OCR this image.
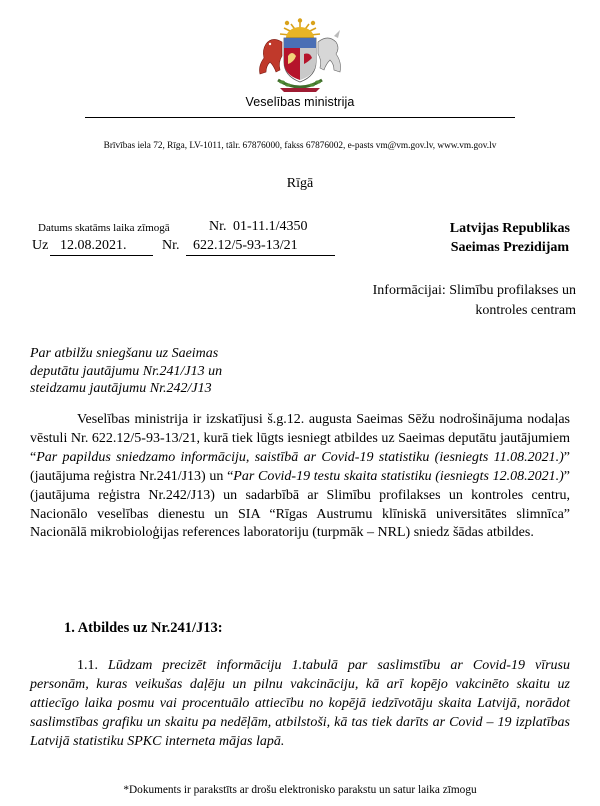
Veselības ministrija
Brīvības iela 72, Rīga, LV-1011, tālr. 67876000, fakss 67876002, e-pasts vm@vm.gov.lv, www.vm.gov.lv
Rīgā
Datums skatāms laika zīmogā	Nr. 01-11.1/4350
Uz 12.08.2021.	Nr. 622.12/5-93-13/21
Latvijas Republikas
Saeimas Prezidijam
Informācijai: Slimību profilakses un
kontroles centram
Par atbilžu sniegšanu uz Saeimas
deputātu jautājumu Nr.241/J13 un
steidzamu jautājumu Nr.242/J13
Veselības ministrija ir izskatījusi š.g.12. augusta Saeimas Sēžu nodrošinājuma nodaļas vēstuli Nr. 622.12/5-93-13/21, kurā tiek lūgts iesniegt atbildes uz Saeimas deputātu jautājumiem “Par papildus sniedzamo informāciju, saistībā ar Covid-19 statistiku (iesniegts 11.08.2021.)” (jautājuma reģistra Nr.241/J13) un “Par Covid-19 testu skaita statistiku (iesniegts 12.08.2021.)” (jautājuma reģistra Nr.242/J13) un sadarbībā ar Slimību profilakses un kontroles centru, Nacionālo veselības dienestu un SIA “Rīgas Austrumu klīniskā universitātes slimnīca” Nacionālā mikrobioloģijas references laboratoriju (turpmāk – NRL) sniedz šādas atbildes.
1. Atbildes uz Nr.241/J13:
1.1. Lūdzam precizēt informāciju 1.tabulā par saslimstību ar Covid-19 vīrusu personām, kuras veikušas daļēju un pilnu vakcināciju, kā arī kopējo vakcinēto skaitu uz attiecīgo laika posmu vai procentuālo attiecību no kopējā iedzīvotāju skaita Latvijā, norādot saslimstības grafiku un skaitu pa nedēļām, atbilstoši, kā tas tiek darīts ar Covid – 19 izplatības Latvijā statistiku SPKC interneta mājas lapā.
*Dokuments ir parakstīts ar drošu elektronisko parakstu un satur laika zīmogu
